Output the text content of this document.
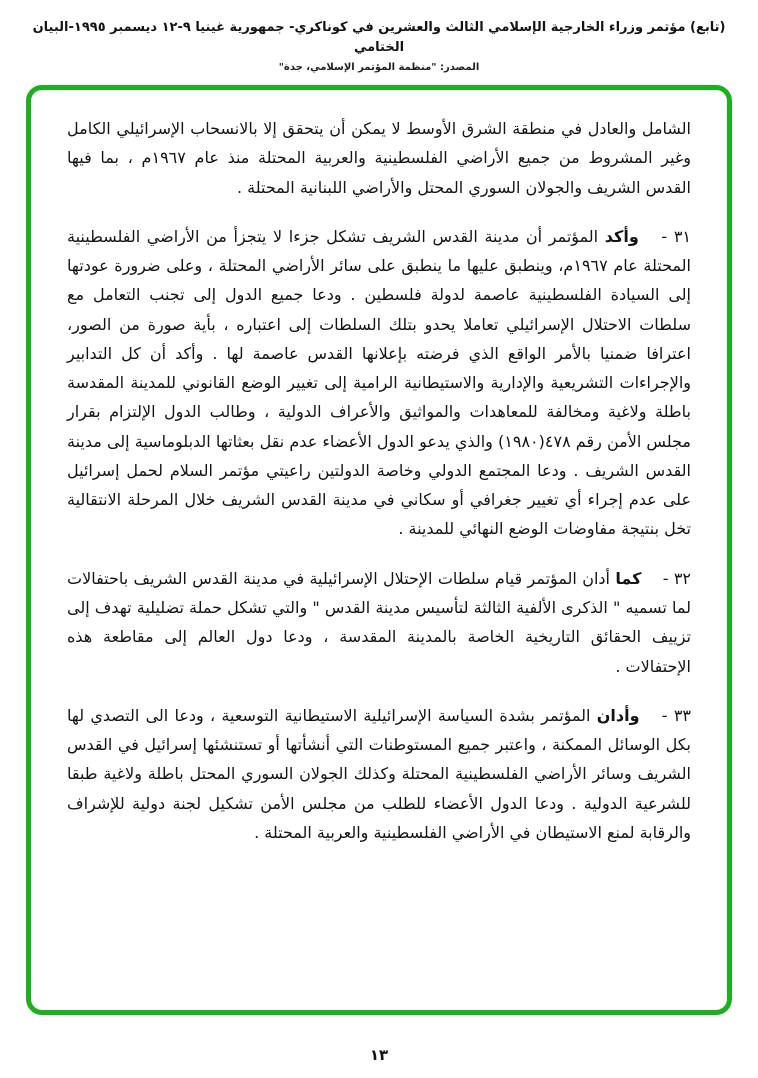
(تابع) مؤتمر وزراء الخارجية الإسلامي الثالث والعشرين في كوناكري- جمهورية غينيا ٩-١٢ ديسمبر ١٩٩٥-البيان الختامي
المصدر: "منظمة المؤتمر الإسلامي، جدة"

الشامل والعادل في منطقة الشرق الأوسط لا يمكن أن يتحقق إلا بالانسحاب الإسرائيلي الكامل وغير المشروط من جميع الأراضي الفلسطينية والعربية المحتلة منذ عام ١٩٦٧م ، بما فيها القدس الشريف والجولان السوري المحتل والأراضي اللبنانية المحتلة .

٣١ - وأكد المؤتمر أن مدينة القدس الشريف تشكل جزءا لا يتجزأ من الأراضي الفلسطينية المحتلة عام ١٩٦٧م، وينطبق عليها ما ينطبق على سائر الأراضي المحتلة ، وعلى ضرورة عودتها إلى السيادة الفلسطينية عاصمة لدولة فلسطين . ودعا جميع الدول إلى تجنب التعامل مع سلطات الاحتلال الإسرائيلي تعاملا يحدو بتلك السلطات إلى اعتباره ، بأية صورة من الصور، اعترافا ضمنيا بالأمر الواقع الذي فرضته بإعلانها القدس عاصمة لها . وأكد أن كل التدابير والإجراءات التشريعية والإدارية والاستيطانية الرامية إلى تغيير الوضع القانوني للمدينة المقدسة باطلة ولاغية ومخالفة للمعاهدات والمواثيق والأعراف الدولية ، وطالب الدول الإلتزام بقرار مجلس الأمن رقم ٤٧٨(١٩٨٠) والذي يدعو الدول الأعضاء عدم نقل بعثاتها الدبلوماسية إلى مدينة القدس الشريف . ودعا المجتمع الدولي وخاصة الدولتين راعيتي مؤتمر السلام لحمل إسرائيل على عدم إجراء أي تغيير جغرافي أو سكاني في مدينة القدس الشريف خلال المرحلة الانتقالية تخل بنتيجة مفاوضات الوضع النهائي للمدينة .

٣٢ - كما أدان المؤتمر قيام سلطات الإحتلال الإسرائيلية في مدينة القدس الشريف باحتفالات لما تسميه " الذكرى الألفية الثالثة لتأسيس مدينة القدس " والتي تشكل حملة تضليلية تهدف إلى تزييف الحقائق التاريخية الخاصة بالمدينة المقدسة ، ودعا دول العالم إلى مقاطعة هذه الإحتفالات .

٣٣ - وأدان المؤتمر بشدة السياسة الإسرائيلية الاستيطانية التوسعية ، ودعا الى التصدي لها بكل الوسائل الممكنة ، واعتبر جميع المستوطنات التي أنشأتها أو تستنشئها إسرائيل في القدس الشريف وسائر الأراضي الفلسطينية المحتلة وكذلك الجولان السوري المحتل باطلة ولاغية طبقا للشرعية الدولية . ودعا الدول الأعضاء للطلب من مجلس الأمن تشكيل لجنة دولية للإشراف والرقابة لمنع الاستيطان في الأراضي الفلسطينية والعربية المحتلة .

١٣
